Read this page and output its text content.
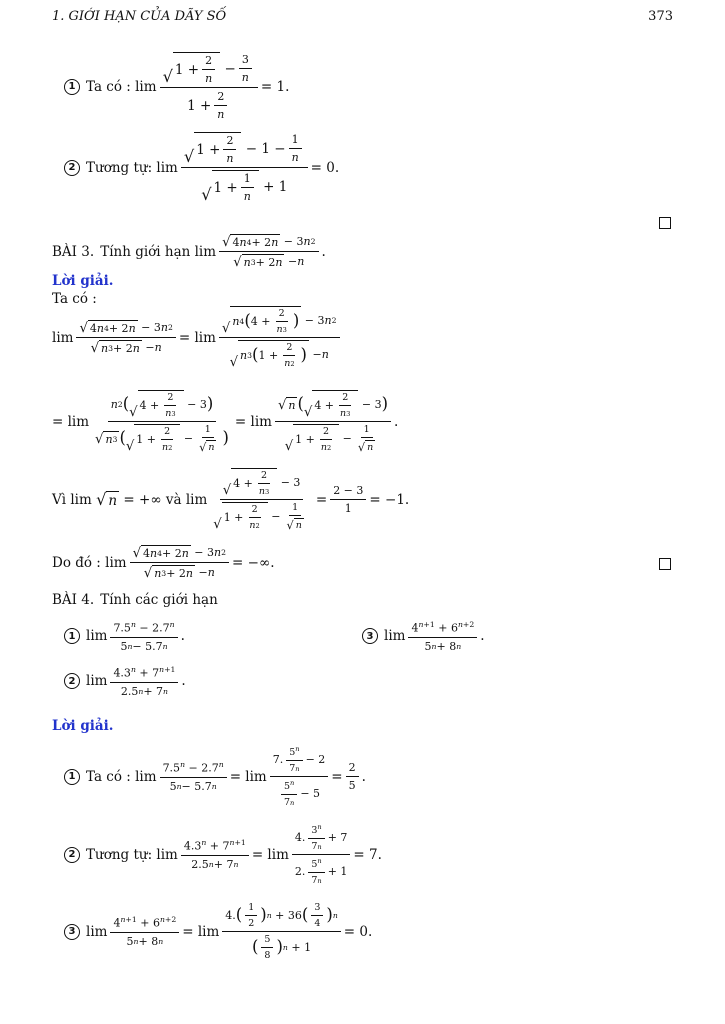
1. GIỚI HẠN CỦA DÃY SỐ	373
1 Ta có : $\lim \frac{√ 1 + \frac{2}{n} - \frac{3}{n}}{1 + \frac{2}{n}} = 1$.
2 Tương tự: $\lim \frac{√ 1 + \frac{2}{n} - 1 - \frac{1}{n}}{√ 1 + \frac{1}{n} + 1} = 0$.
BÀI 3. Tính giới hạn $\lim \frac{√ 4 n 4 + 2 n - 3 n 2}{√ n 3 + 2 n - n}$ .
Lời giải.
Ta có :
$\lim \frac{√ 4 n 4 + 2 n - 3 n 2}{√ n 3 + 2 n - n} = \lim \frac{√ n 4 ( 4 + \frac{2}{n 3} ) - 3 n 2}{√ n 3 ( 1 + \frac{2}{n 2} ) - n}$
= $\lim \frac{n 2 ( √ 4 + \frac{2}{n 3} - 3 )}{√ n 3 ( √ 1 + \frac{2}{n 2} - \frac{1}{√ n} )} = \lim \frac{√ n ( √ 4 + \frac{2}{n 3} - 3 )}{√ 1 + \frac{2}{n 2} - \frac{1}{√ n}}$ .
Vì lim
√ n
= +∞ và $\lim \frac{√ 4 + \frac{2}{n 3} - 3}{√ 1 + \frac{2}{n 2} - \frac{1}{√ n}} = \frac{2 - 3}{1} = -1$.
Do đó : $\lim \frac{√ 4 n 4 + 2 n - 3 n 2}{√ n 3 + 2 n - n}$ = −∞.
BÀI 4. Tính các giới hạn
1 $\lim \frac{7.5^n - 2.7^n}{5 n - 5.7 n}$ .	3 $\lim \frac{4^{n+1} + 6^{n+2}}{5 n + 8 n}$ .
2 $\lim \frac{4.3^n + 7^{n+1}}{2.5 n + 7 n}$ .
Lời giải.
1 Ta có : $\lim \frac{7.5^n - 2.7^n}{5 n - 5.7 n} = \lim \frac{7. \frac{5^n}{7 n} - 2}{\frac{5^n}{7 n} - 5} = \frac{2}{5}$ .
2 Tương tự: $\lim \frac{4.3^n + 7^{n+1}}{2.5 n + 7 n} = \lim \frac{4. \frac{3^n}{7 n} + 7}{2. \frac{5^n}{7 n} + 1} = 7$.
3 $\lim \frac{4^{n+1} + 6^{n+2}}{5 n + 8 n} = \lim \frac{4. ( \frac{1}{2} ) n + 36 ( \frac{3}{4} ) n}{( \frac{5}{8} ) n + 1} = 0$.
